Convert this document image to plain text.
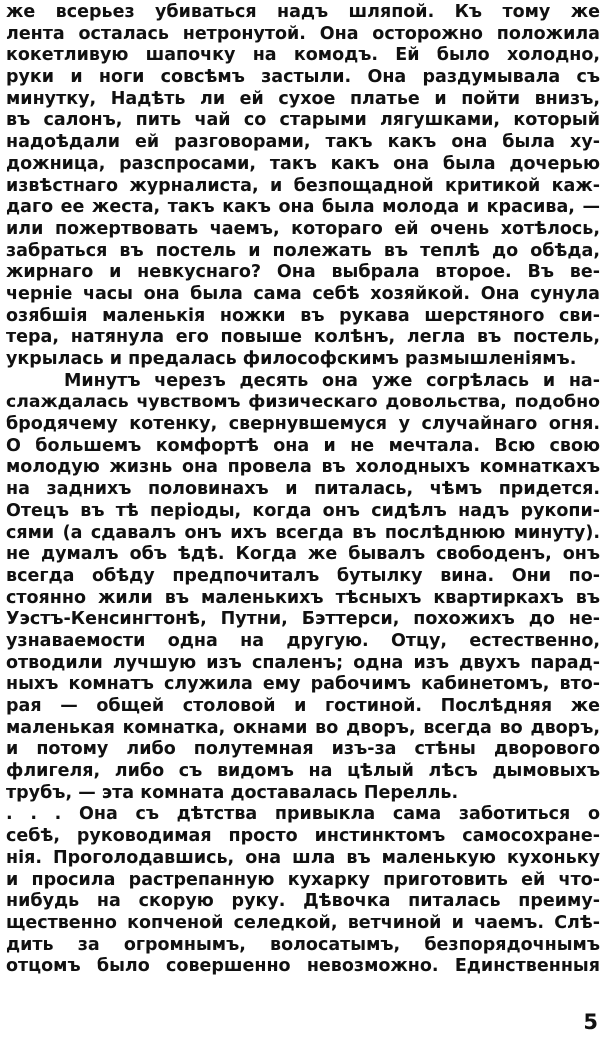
же всерьез убиваться надъ шляпой. Къ тому же
лента осталась нетронутой. Она осторожно положила
кокетливую шапочку на комодъ. Ей было холодно,
руки и ноги совсѣмъ застыли. Она раздумывала съ
минутку, Надѣть ли ей сухое платье и пойти внизъ,
въ салонъ, пить чай со старыми лягушками, который
надоѣдали ей разговорами, такъ какъ она была ху-
дожница, разспросами, такъ какъ она была дочерью
извѣстнаго журналиста, и безпощадной критикой каж-
даго ее жеста, такъ какъ она была молода и красива, —
или пожертвовать чаемъ, котораго ей очень хотѣлось,
забраться въ постель и полежать въ теплѣ до обѣда,
жирнаго и невкуснаго? Она выбрала второе. Въ ве-
черніе часы она была сама себѣ хозяйкой. Она сунула
озябшія маленькія ножки въ рукава шерстяного сви-
тера, натянула его повыше колѣнъ, легла въ постель,
укрылась и предалась философскимъ размышленіямъ.
Минутъ черезъ десять она уже согрѣлась и на-
слаждалась чувствомъ физическаго довольства, подобно
бродячему котенку, свернувшемуся у случайнаго огня.
О большемъ комфортѣ она и не мечтала. Всю свою
молодую жизнь она провела въ холодныхъ комнаткахъ
на заднихъ половинахъ и питалась, чѣмъ придется.
Отецъ въ тѣ періоды, когда онъ сидѣлъ надъ рукопи-
сями (а сдавалъ онъ ихъ всегда въ послѣднюю минуту).
не думалъ объ ѣдѣ. Когда же бывалъ свободенъ, онъ
всегда обѣду предпочиталъ бутылку вина. Они по-
стоянно жили въ маленькихъ тѣсныхъ квартиркахъ въ
Уэстъ-Кенсингтонѣ, Путни, Бэттерси, похожихъ до не-
узнаваемости одна на другую. Отцу, естественно,
отводили лучшую изъ спаленъ; одна изъ двухъ парад-
ныхъ комнатъ служила ему рабочимъ кабинетомъ, вто-
рая — общей столовой и гостиной. Послѣдняя же
маленькая комнатка, окнами во дворъ, всегда во дворъ,
и потому либо полутемная изъ-за стѣны дворового
флигеля, либо съ видомъ на цѣлый лѣсъ дымовыхъ
трубъ, — эта комната доставалась Перелль.
. . . Она съ дѣтства привыкла сама заботиться о
себѣ, руководимая просто инстинктомъ самосохране-
нія. Проголодавшись, она шла въ маленькую кухоньку
и просила растрепанную кухарку приготовить ей что-
нибудь на скорую руку. Дѣвочка питалась преиму-
щественно копченой селедкой, ветчиной и чаемъ. Слѣ-
дить за огромнымъ, волосатымъ, безпорядочнымъ
отцомъ было совершенно невозможно. Единственныя
5
